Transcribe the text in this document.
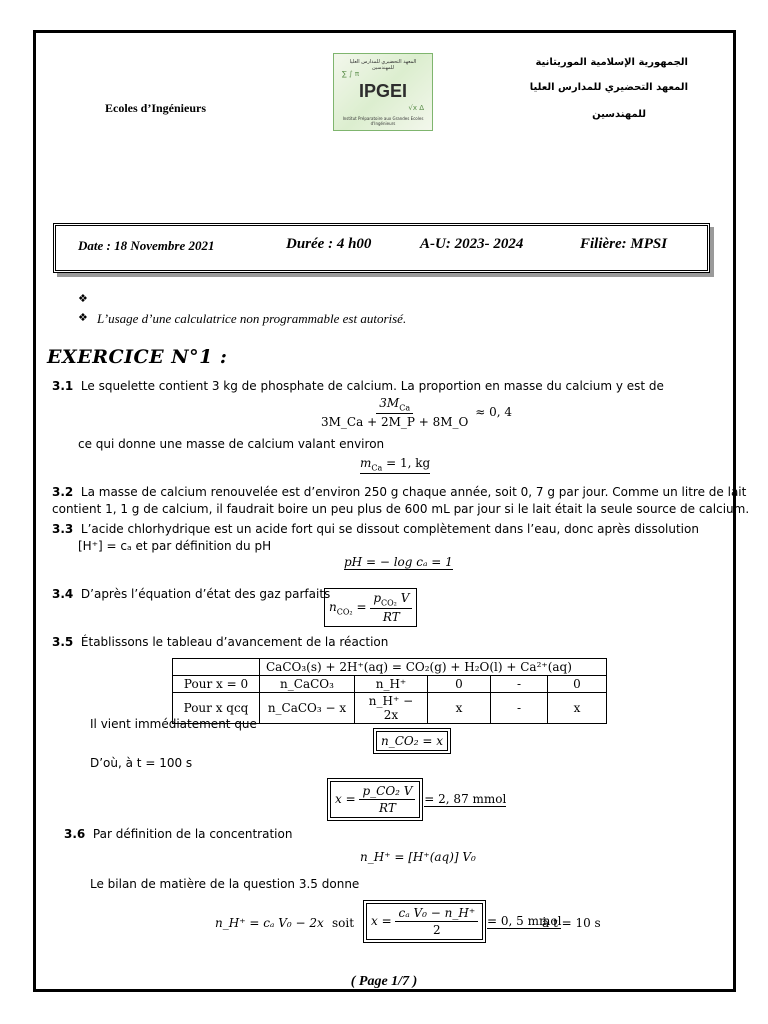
Ecoles d’Ingénieurs
المعهد التحضيري للمدارس العليا للمهندسين
∑ ∫ π
√x Δ
IPGEI
Institut Préparatoire aux Grandes Ecoles d'Ingénieurs
الجمهورية الإسلامية الموريتانية
المعهد التحضيري للمدارس العليا
للمهندسين
Date : 18 Novembre 2021	Durée : 4 h00	A-U: 2023- 2024	Filière: MPSI
❖
❖ L’usage d’une calculatrice non programmable est autorisé.
EXERCICE N°1 :
3.1 Le squelette contient 3 kg de phosphate de calcium. La proportion en masse du calcium y est de
$\frac{3M_{Ca}}{3M\_Ca + 2M\_P + 8M\_O} \approx 0$, 4
ce qui donne une masse de calcium valant environ
$m_{Ca} = 1$, kg
3.2 La masse de calcium renouvelée est d’environ 250 g chaque année, soit 0, 7 g par jour. Comme un litre de lait
contient 1, 1 g de calcium, il faudrait boire un peu plus de 600 mL par jour si le lait était la seule source de calcium.
3.3 L’acide chlorhydrique est un acide fort qui se dissout complètement dans l’eau, donc après dissolution
[H⁺] = cₐ et par définition du pH
pH = − log cₐ = 1
3.4 D’après l’équation d’état des gaz parfaits
$n_{CO_2} = \frac{p_{CO_2} V}{RT}$
3.5 Établissons le tableau d’avancement de la réaction
	CaCO₃(s) + 2H⁺(aq) = CO₂(g) + H₂O(l) + Ca²⁺(aq)				
Pour x = 0	n_CaCO₃	n_H⁺	0	-	0
Pour x qcq	n_CaCO₃ − x	n_H⁺ − 2x	x	-	x
Il vient immédiatement que
n_CO₂ = x
D’où, à t = 100 s
$x = \frac{\text{p\_CO₂ V}}{RT} = 2$, 87 mmol
3.6 Par définition de la concentration
n_H⁺ = [H⁺(aq)] V₀
Le bilan de matière de la question 3.5 donne
n_H⁺ = cₐ V₀ − 2x soit	$x = \frac{\text{cₐ V₀ − n\_H⁺}}{2} = 0$, 5 mmol
à t = 10 s
( Page 1/7 )
